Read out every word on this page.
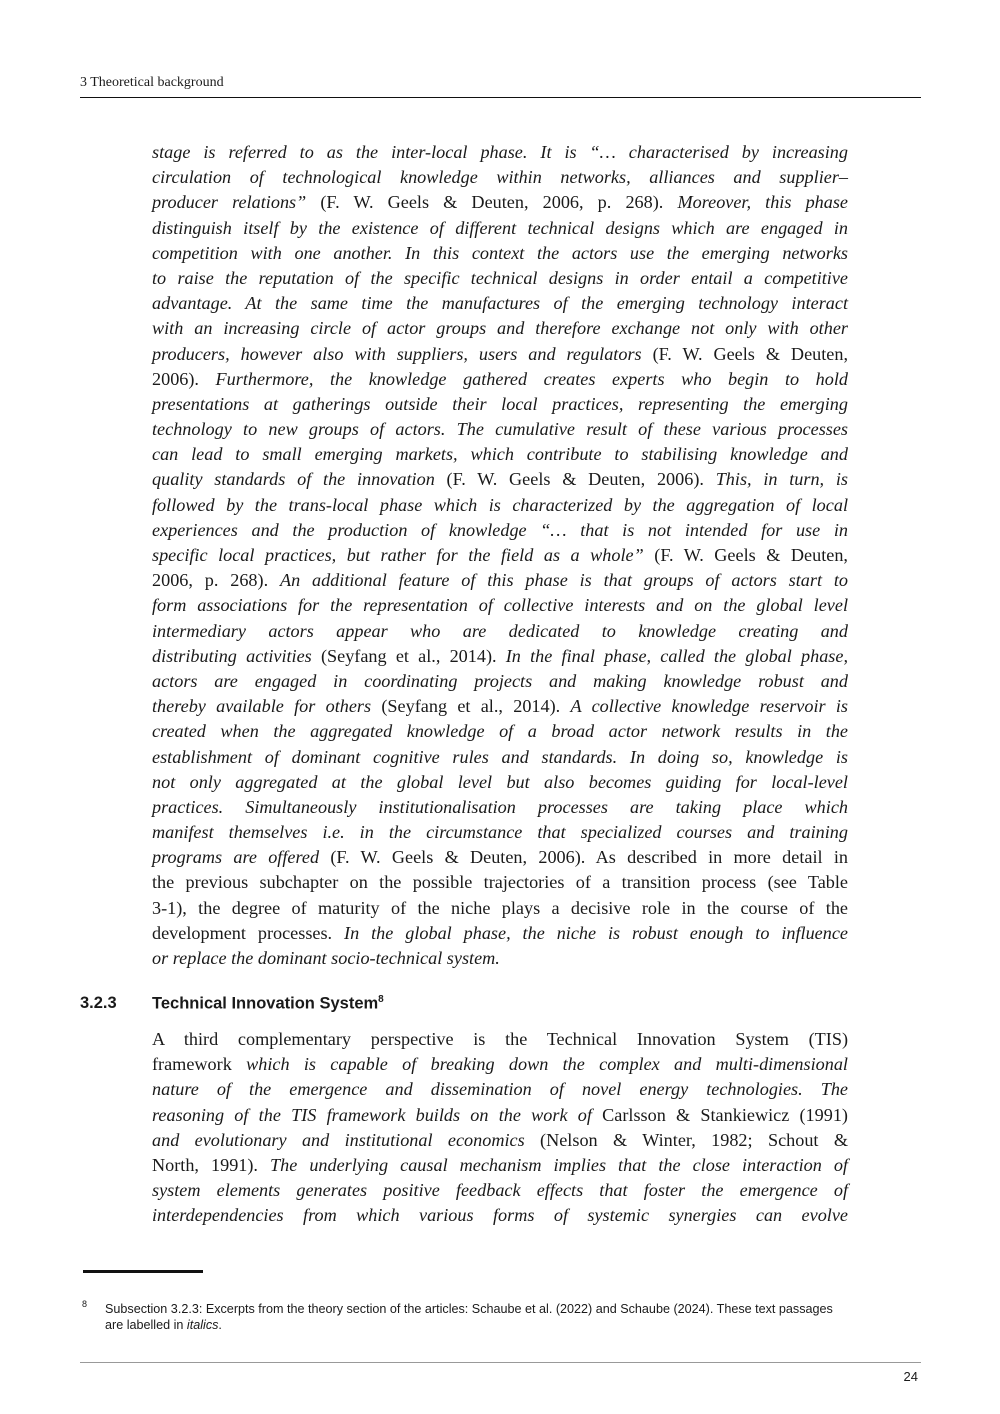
3 Theoretical background
stage is referred to as the inter-local phase. It is “… characterised by increasing
circulation of technological knowledge within networks, alliances and supplier–
producer relations” (F. W. Geels & Deuten, 2006, p. 268). Moreover, this phase
distinguish itself by the existence of different technical designs which are engaged in
competition with one another. In this context the actors use the emerging networks
to raise the reputation of the specific technical designs in order entail a competitive
advantage. At the same time the manufactures of the emerging technology interact
with an increasing circle of actor groups and therefore exchange not only with other
producers, however also with suppliers, users and regulators (F. W. Geels & Deuten,
2006). Furthermore, the knowledge gathered creates experts who begin to hold
presentations at gatherings outside their local practices, representing the emerging
technology to new groups of actors. The cumulative result of these various processes
can lead to small emerging markets, which contribute to stabilising knowledge and
quality standards of the innovation (F. W. Geels & Deuten, 2006). This, in turn, is
followed by the trans-local phase which is characterized by the aggregation of local
experiences and the production of knowledge “… that is not intended for use in
specific local practices, but rather for the field as a whole” (F. W. Geels & Deuten,
2006, p. 268). An additional feature of this phase is that groups of actors start to
form associations for the representation of collective interests and on the global level
intermediary actors appear who are dedicated to knowledge creating and
distributing activities (Seyfang et al., 2014). In the final phase, called the global phase,
actors are engaged in coordinating projects and making knowledge robust and
thereby available for others (Seyfang et al., 2014). A collective knowledge reservoir is
created when the aggregated knowledge of a broad actor network results in the
establishment of dominant cognitive rules and standards. In doing so, knowledge is
not only aggregated at the global level but also becomes guiding for local-level
practices. Simultaneously institutionalisation processes are taking place which
manifest themselves i.e. in the circumstance that specialized courses and training
programs are offered (F. W. Geels & Deuten, 2006). As described in more detail in
the previous subchapter on the possible trajectories of a transition process (see Table
3-1), the degree of maturity of the niche plays a decisive role in the course of the
development processes. In the global phase, the niche is robust enough to influence
or replace the dominant socio-technical system.
3.2.3 Technical Innovation System$^8$
A third complementary perspective is the Technical Innovation System (TIS)
framework which is capable of breaking down the complex and multi-dimensional
nature of the emergence and dissemination of novel energy technologies. The
reasoning of the TIS framework builds on the work of Carlsson & Stankiewicz (1991)
and evolutionary and institutional economics (Nelson & Winter, 1982; Schout &
North, 1991). The underlying causal mechanism implies that the close interaction of
system elements generates positive feedback effects that foster the emergence of
interdependencies from which various forms of systemic synergies can evolve
8 Subsection 3.2.3: Excerpts from the theory section of the articles: Schaube et al. (2022) and Schaube (2024). These text passages are labelled in italics.
24
